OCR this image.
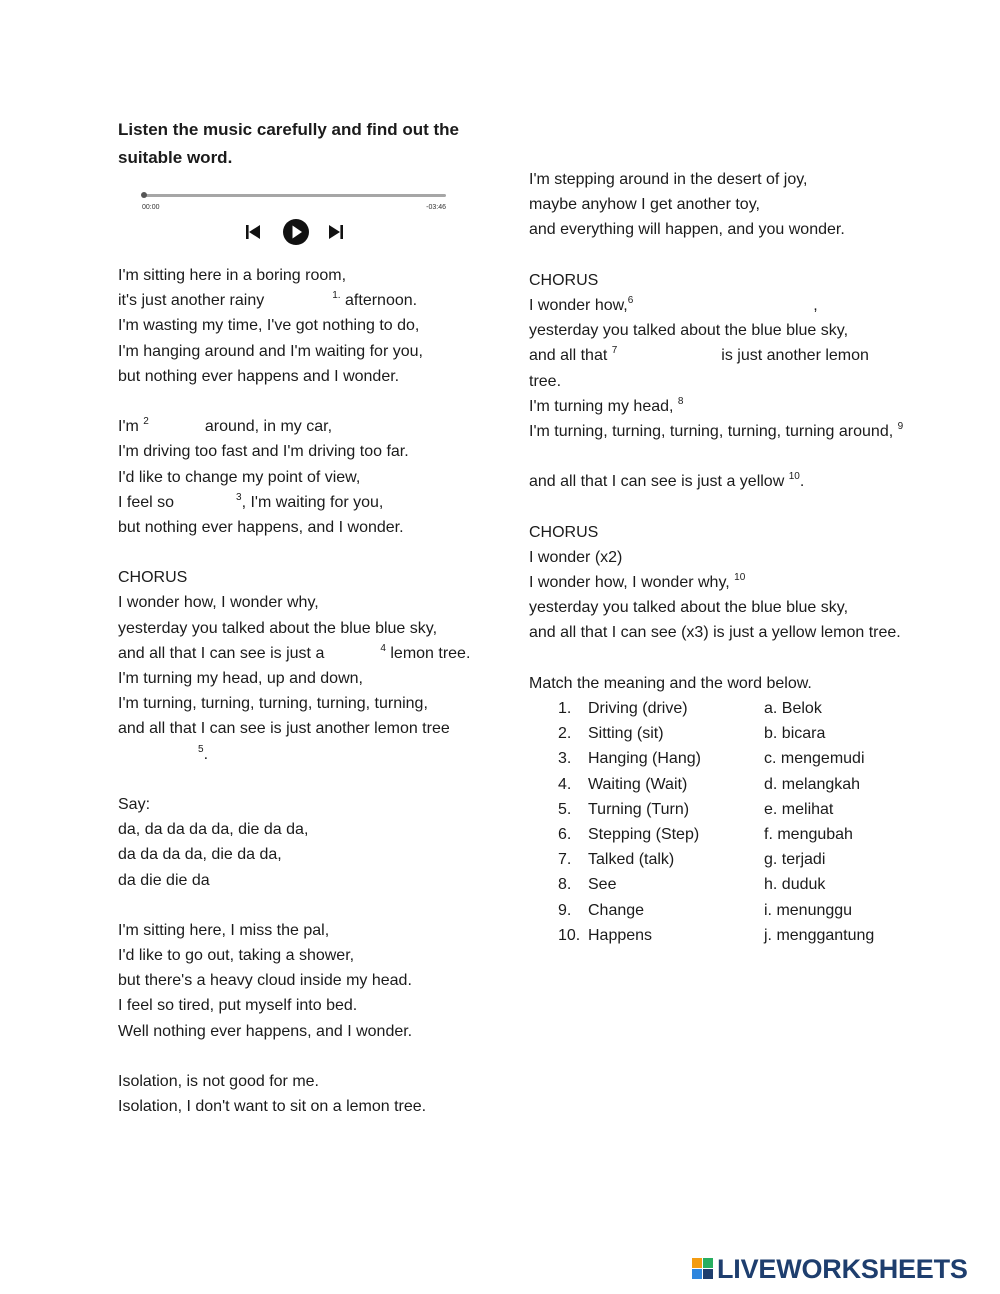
Listen the music carefully and find out the suitable word.
00:00	-03:46
I'm sitting here in a boring room,
it's just another rainy	$^{1.}$ afternoon.
I'm wasting my time, I've got nothing to do,
I'm hanging around and I'm waiting for you,
but nothing ever happens and I wonder.
I'm $^2$	around, in my car,
I'm driving too fast and I'm driving too far.
I'd like to change my point of view,
I feel so	$^3$, I'm waiting for you,
but nothing ever happens, and I wonder.
CHORUS
I wonder how, I wonder why,
yesterday you talked about the blue blue sky,
and all that I can see is just a	$^4$ lemon tree.
I'm turning my head, up and down,
I'm turning, turning, turning, turning, turning,
and all that I can see is just another lemon tree
$^5$.
Say:
da, da da da da, die da da,
da da da da, die da da,
da die die da
I'm sitting here, I miss the pal,
I'd like to go out, taking a shower,
but there's a heavy cloud inside my head.
I feel so tired, put myself into bed.
Well nothing ever happens, and I wonder.
Isolation, is not good for me.
Isolation, I don't want to sit on a lemon tree.
I'm stepping around in the desert of joy,
maybe anyhow I get another toy,
and everything will happen, and you wonder.
CHORUS
I wonder how,$^6$	,
yesterday you talked about the blue blue sky,
and all that $^7$	is just another lemon tree.
I'm turning my head, $^8$
I'm turning, turning, turning, turning, turning around, $^9$
and all that I can see is just a yellow $^{10}$.
CHORUS
I wonder (x2)
I wonder how, I wonder why, $^{10}$
yesterday you talked about the blue blue sky,
and all that I can see (x3) is just a yellow lemon tree.
Match the meaning and the word below.
1.	Driving (drive)	a. Belok
2.	Sitting (sit)	b. bicara
3.	Hanging (Hang)	c. mengemudi
4.	Waiting (Wait)	d. melangkah
5.	Turning (Turn)	e. melihat
6.	Stepping (Step)	f. mengubah
7.	Talked (talk)	g. terjadi
8.	See	h. duduk
9.	Change	i. menunggu
10. Happens	j. menggantung
LIVEWORKSHEETS
